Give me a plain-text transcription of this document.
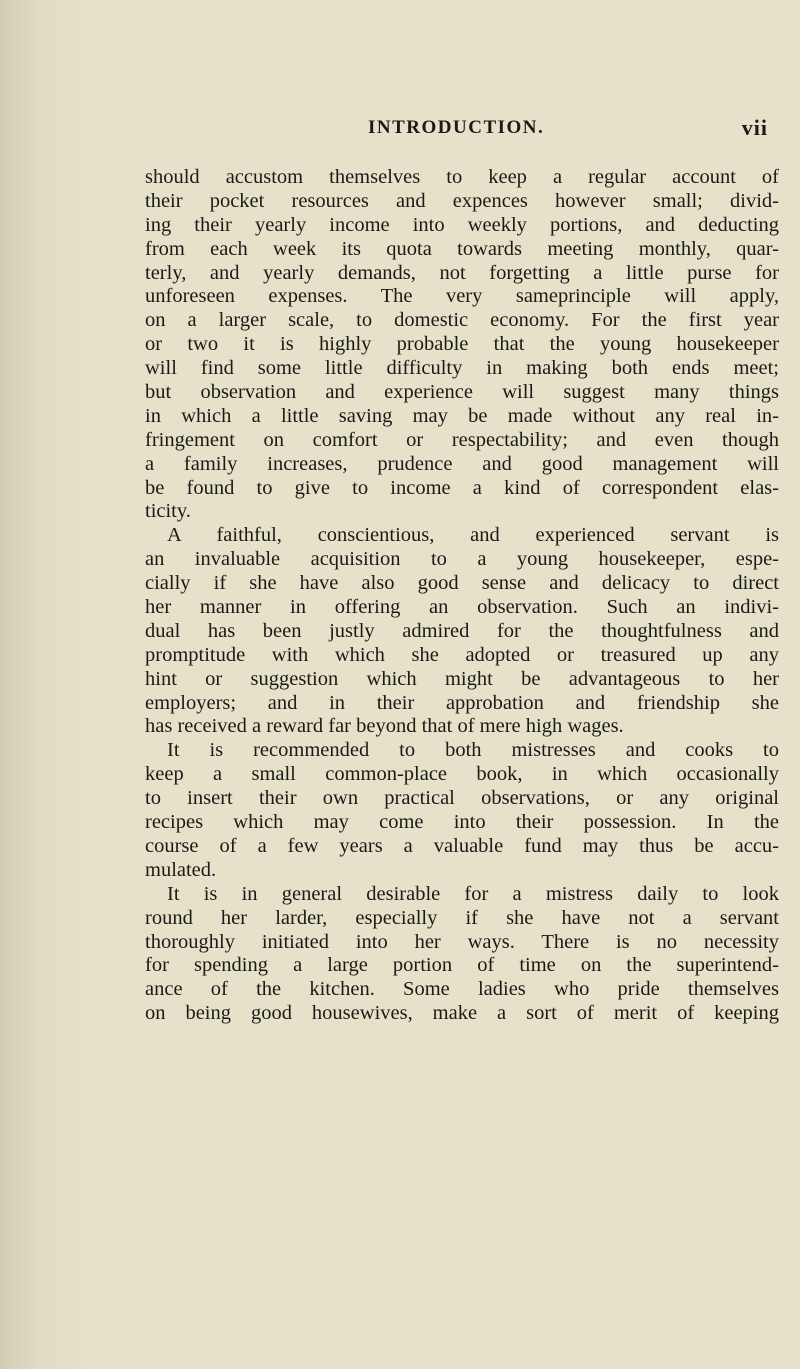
INTRODUCTION.	vii
should accustom themselves to keep a regular account of
their pocket resources and expences however small; divid-
ing their yearly income into weekly portions, and deducting
from each week its quota towards meeting monthly, quar-
terly, and yearly demands, not forgetting a little purse for
unforeseen expenses. The very sameprinciple will apply,
on a larger scale, to domestic economy. For the first year
or two it is highly probable that the young housekeeper
will find some little difficulty in making both ends meet;
but observation and experience will suggest many things
in which a little saving may be made without any real in-
fringement on comfort or respectability; and even though
a family increases, prudence and good management will
be found to give to income a kind of correspondent elas-
ticity.
A faithful, conscientious, and experienced servant is
an invaluable acquisition to a young housekeeper, espe-
cially if she have also good sense and delicacy to direct
her manner in offering an observation. Such an indivi-
dual has been justly admired for the thoughtfulness and
promptitude with which she adopted or treasured up any
hint or suggestion which might be advantageous to her
employers; and in their approbation and friendship she
has received a reward far beyond that of mere high wages.
It is recommended to both mistresses and cooks to
keep a small common-place book, in which occasionally
to insert their own practical observations, or any original
recipes which may come into their possession. In the
course of a few years a valuable fund may thus be accu-
mulated.
It is in general desirable for a mistress daily to look
round her larder, especially if she have not a servant
thoroughly initiated into her ways. There is no necessity
for spending a large portion of time on the superintend-
ance of the kitchen. Some ladies who pride themselves
on being good housewives, make a sort of merit of keeping
